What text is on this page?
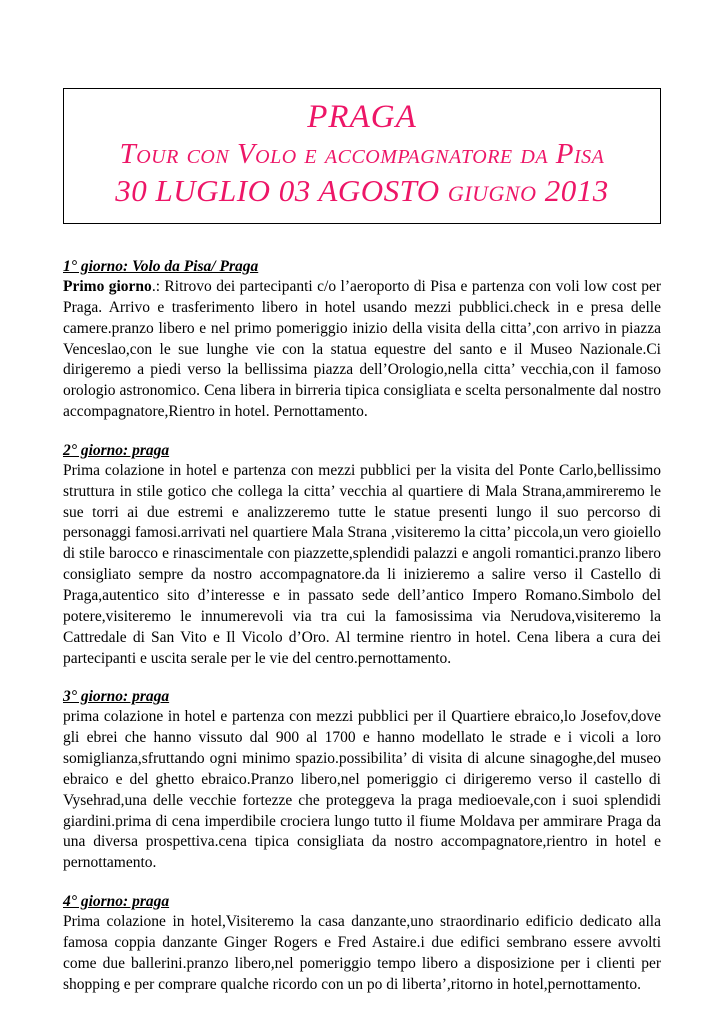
PRAGA
Tour con Volo e accompagnatore da Pisa
30 LUGLIO 03 AGOSTO giugno 2013
1° giorno: Volo da Pisa/ Praga

Primo giorno.: Ritrovo dei partecipanti c/o l’aeroporto di Pisa e partenza con voli low cost per Praga. Arrivo e trasferimento libero in hotel usando mezzi pubblici.check in e presa delle camere.pranzo libero e nel primo pomeriggio inizio della visita della citta’,con arrivo in piazza Venceslao,con le sue lunghe vie con la statua equestre del santo e il Museo Nazionale.Ci dirigeremo a piedi verso la bellissima piazza dell’Orologio,nella citta’ vecchia,con il famoso orologio astronomico. Cena libera in birreria tipica consigliata e scelta personalmente dal nostro accompagnatore,Rientro in hotel. Pernottamento.

2° giorno: praga

Prima colazione in hotel e partenza con mezzi pubblici per la visita del Ponte Carlo,bellissimo struttura in stile gotico che collega la citta’ vecchia al quartiere di Mala Strana,ammireremo le sue torri ai due estremi e analizzeremo tutte le statue presenti lungo il suo percorso di personaggi famosi.arrivati nel quartiere Mala Strana ,visiteremo la citta’ piccola,un vero gioiello di stile barocco e rinascimentale con piazzette,splendidi palazzi e angoli romantici.pranzo libero consigliato sempre da nostro accompagnatore.da li inizieremo a salire verso il Castello di Praga,autentico sito d’interesse e in passato sede dell’antico Impero Romano.Simbolo del potere,visiteremo le innumerevoli via tra cui la famosissima via Nerudova,visiteremo la Cattredale di San Vito e Il Vicolo d’Oro. Al termine rientro in hotel. Cena libera a cura dei partecipanti e uscita serale per le vie del centro.pernottamento.

3° giorno: praga

prima colazione in hotel e partenza con mezzi pubblici per il Quartiere ebraico,lo Josefov,dove gli ebrei che hanno vissuto dal 900 al 1700 e hanno modellato le strade e i vicoli a loro somiglianza,sfruttando ogni minimo spazio.possibilita’ di visita di alcune sinagoghe,del museo ebraico e del ghetto ebraico.Pranzo libero,nel pomeriggio ci dirigeremo verso il castello di Vysehrad,una delle vecchie fortezze che proteggeva la praga medioevale,con i suoi splendidi giardini.prima di cena imperdibile crociera lungo tutto il fiume Moldava per ammirare Praga da una diversa prospettiva.cena tipica consigliata da nostro accompagnatore,rientro in hotel e pernottamento.

4° giorno: praga

Prima colazione in hotel,Visiteremo la casa danzante,uno straordinario edificio dedicato alla famosa coppia danzante Ginger Rogers e Fred Astaire.i due edifici sembrano essere avvolti come due ballerini.pranzo libero,nel pomeriggio tempo libero a disposizione per i clienti per shopping e per comprare qualche ricordo con un po di liberta’,ritorno in hotel,pernottamento.
